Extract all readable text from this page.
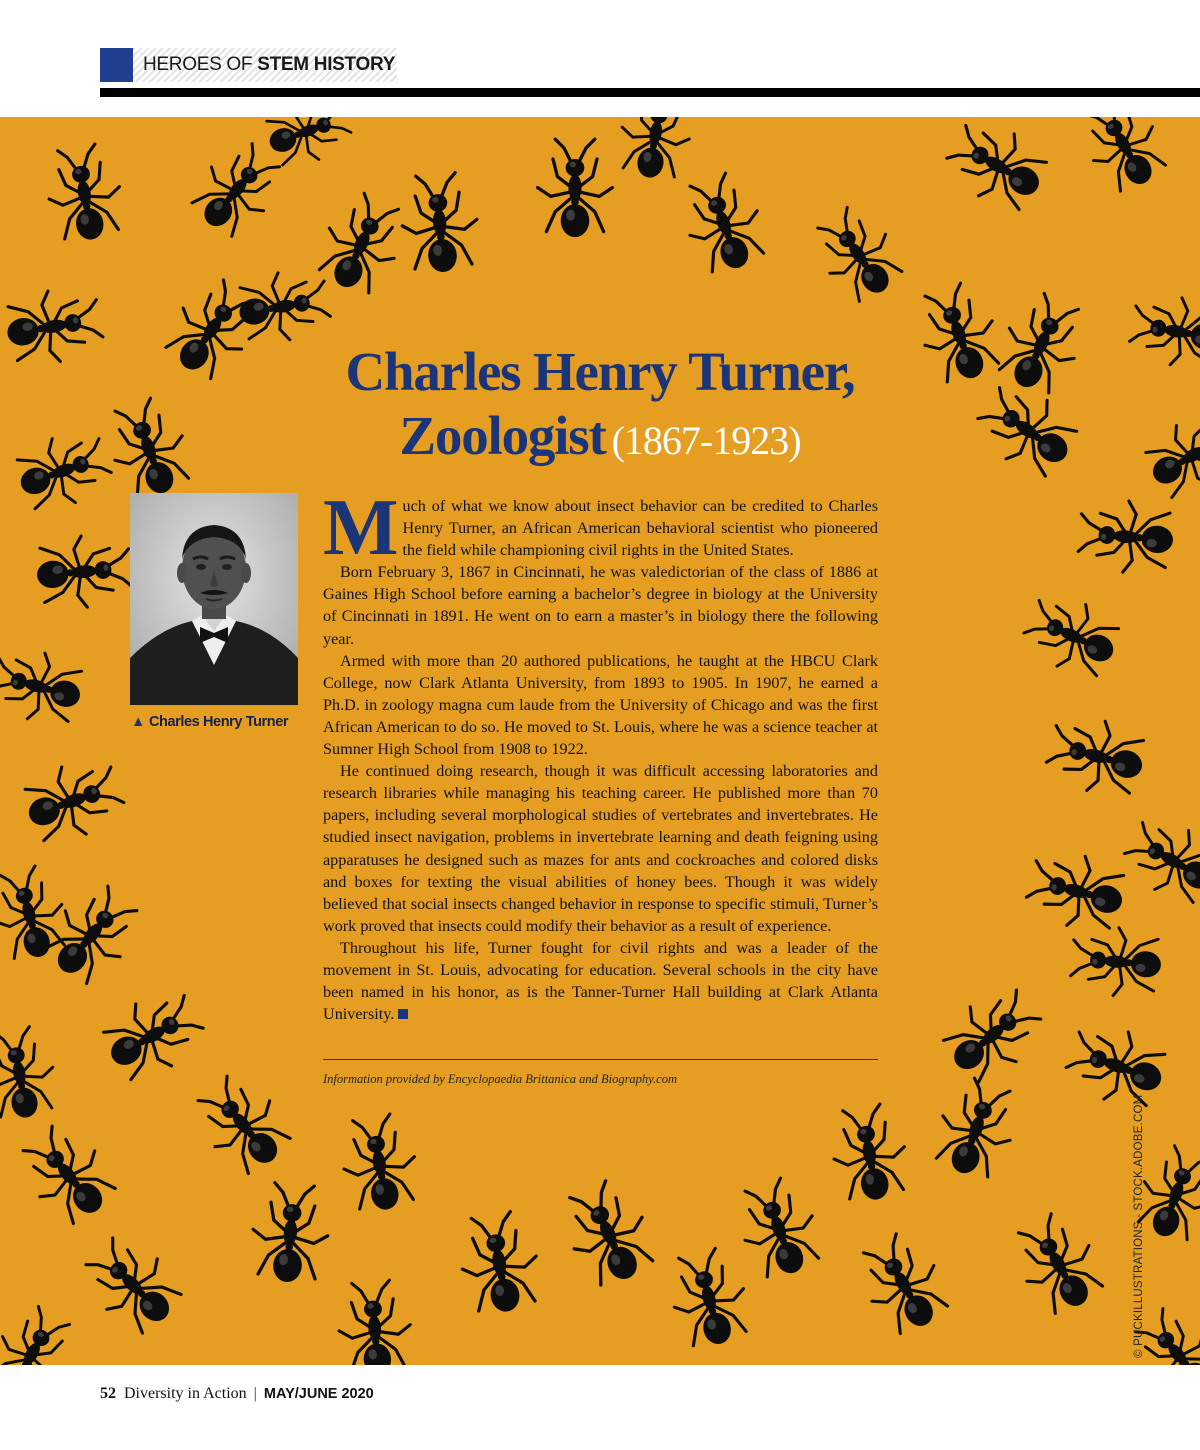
HEROES OF STEM HISTORY
© PUCKILLUSTRATIONS - STOCK.ADOBE.COM
Charles Henry Turner,
Zoologist (1867-1923)
▲ Charles Henry Turner

Much of what we know about insect behavior can be credited to Charles Henry Turner, an African American behavioral scientist who pioneered the field while championing civil rights in the United States.

Born February 3, 1867 in Cincinnati, he was valedictorian of the class of 1886 at Gaines High School before earning a bachelor’s degree in biology at the University of Cincinnati in 1891. He went on to earn a master’s in biology there the following year.

Armed with more than 20 authored publications, he taught at the HBCU Clark College, now Clark Atlanta University, from 1893 to 1905. In 1907, he earned a Ph.D. in zoology magna cum laude from the University of Chicago and was the first African American to do so. He moved to St. Louis, where he was a science teacher at Sumner High School from 1908 to 1922.

He continued doing research, though it was difficult accessing laboratories and research libraries while managing his teaching career. He published more than 70 papers, including several morphological studies of vertebrates and invertebrates. He studied insect navigation, problems in invertebrate learning and death feigning using apparatuses he designed such as mazes for ants and cockroaches and colored disks and boxes for texting the visual abilities of honey bees. Though it was widely believed that social insects changed behavior in response to specific stimuli, Turner’s work proved that insects could modify their behavior as a result of experience.

Throughout his life, Turner fought for civil rights and was a leader of the movement in St. Louis, advocating for education. Several schools in the city have been named in his honor, as is the Tanner-Turner Hall building at Clark Atlanta University.

Information provided by Encyclopaedia Brittanica and Biography.com
52 Diversity in Action | MAY/JUNE 2020
